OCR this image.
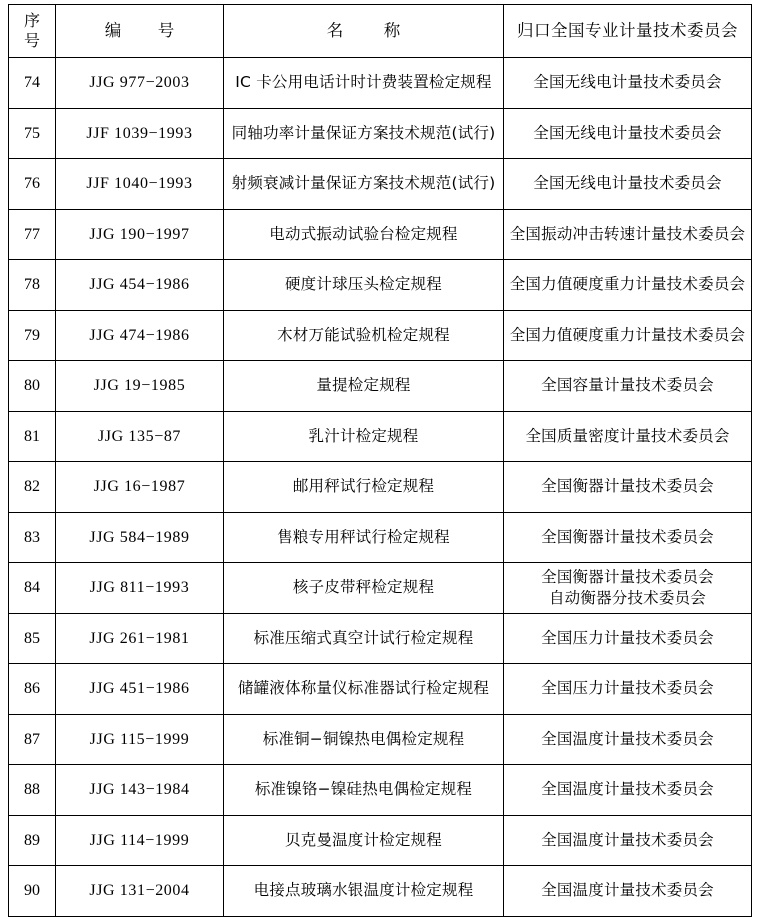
序
号	编　号	名　称	归口全国专业计量技术委员会
74	JJG 977−2003	IC 卡公用电话计时计费装置检定规程	全国无线电计量技术委员会
75	JJF 1039−1993	同轴功率计量保证方案技术规范(试行)	全国无线电计量技术委员会
76	JJF 1040−1993	射频衰减计量保证方案技术规范(试行)	全国无线电计量技术委员会
77	JJG 190−1997	电动式振动试验台检定规程	全国振动冲击转速计量技术委员会
78	JJG 454−1986	硬度计球压头检定规程	全国力值硬度重力计量技术委员会
79	JJG 474−1986	木材万能试验机检定规程	全国力值硬度重力计量技术委员会
80	JJG 19−1985	量提检定规程	全国容量计量技术委员会
81	JJG 135−87	乳汁计检定规程	全国质量密度计量技术委员会
82	JJG 16−1987	邮用秤试行检定规程	全国衡器计量技术委员会
83	JJG 584−1989	售粮专用秤试行检定规程	全国衡器计量技术委员会
84	JJG 811−1993	核子皮带秤检定规程	全国衡器计量技术委员会
自动衡器分技术委员会

85	JJG 261−1981	标准压缩式真空计试行检定规程	全国压力计量技术委员会
86	JJG 451−1986	储罐液体称量仪标准器试行检定规程	全国压力计量技术委员会
87	JJG 115−1999	标准铜−铜镍热电偶检定规程	全国温度计量技术委员会
88	JJG 143−1984	标准镍铬−镍硅热电偶检定规程	全国温度计量技术委员会
89	JJG 114−1999	贝克曼温度计检定规程	全国温度计量技术委员会
90	JJG 131−2004	电接点玻璃水银温度计检定规程	全国温度计量技术委员会
